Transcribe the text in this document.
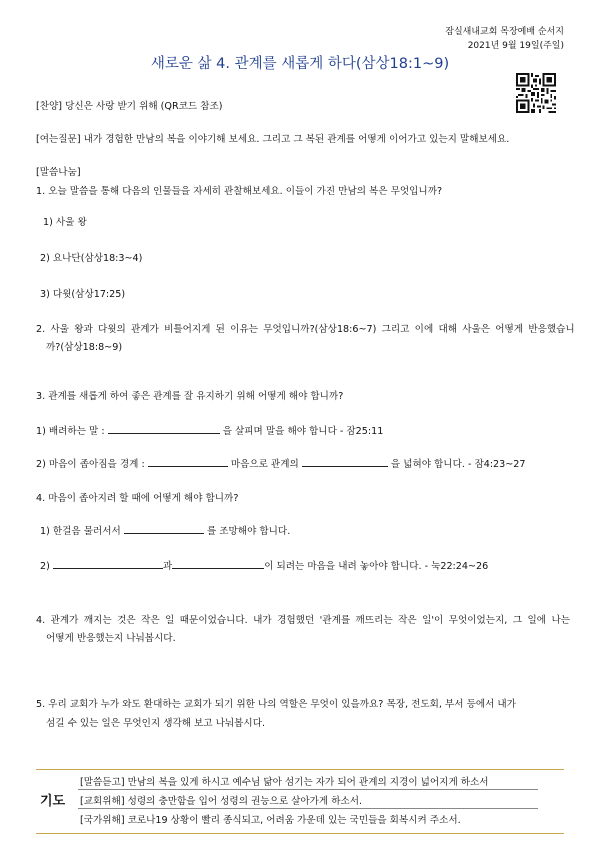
잠실새내교회 목장예배 순서지
2021년 9월 19일(주일)
새로운 삶 4. 관계를 새롭게 하다(삼상18:1~9)
[찬양] 당신은 사랑 받기 위해 (QR코드 참조)
[여는질문] 내가 경험한 만남의 복을 이야기해 보세요. 그리고 그 복된 관계를 어떻게 이어가고 있는지 말해보세요.
[말씀나눔]
1. 오늘 말씀을 통해 다음의 인물들을 자세히 관찰해보세요. 이들이 가진 만남의 복은 무엇입니까?
1) 사울 왕
2) 요나단(삼상18:3~4)
3) 다윗(삼상17:25)
2. 사울 왕과 다윗의 관계가 비틀어지게 된 이유는 무엇입니까?(삼상18:6~7) 그리고 이에 대해 사울은 어떻게 반응했습니
까?(삼상18:8~9)
3. 관계를 새롭게 하여 좋은 관계를 잘 유지하기 위해 어떻게 해야 합니까?
1) 배려하는 말 :	을 살피며 말을 해야 합니다 - 잠25:11
2) 마음이 좁아짐을 경계 :	마음으로 관계의	을 넓혀야 합니다. - 잠4:23~27
4. 마음이 좁아지려 할 때에 어떻게 해야 합니까?
1) 한걸음 물러서서	를 조망해야 합니다.
2)	과	이 되려는 마음을 내려 놓아야 합니다. - 눅22:24~26
4. 관계가 깨지는 것은 작은 일 때문이었습니다. 내가 경험했던 '관계를 깨뜨리는 작은 일'이 무엇이었는지, 그 일에 나는
어떻게 반응했는지 나눠봅시다.
5. 우리 교회가 누가 와도 환대하는 교회가 되기 위한 나의 역할은 무엇이 있을까요? 목장, 전도회, 부서 등에서 내가
섬길 수 있는 일은 무엇인지 생각해 보고 나눠봅시다.
기도
[말씀듣고] 만남의 복을 있게 하시고 예수님 닮아 섬기는 자가 되어 관계의 지경이 넓어지게 하소서
[교회위해] 성령의 충만함을 입어 성령의 권능으로 살아가게 하소서.
[국가위해] 코로나19 상황이 빨리 종식되고, 어려움 가운데 있는 국민들을 회복시켜 주소서.
